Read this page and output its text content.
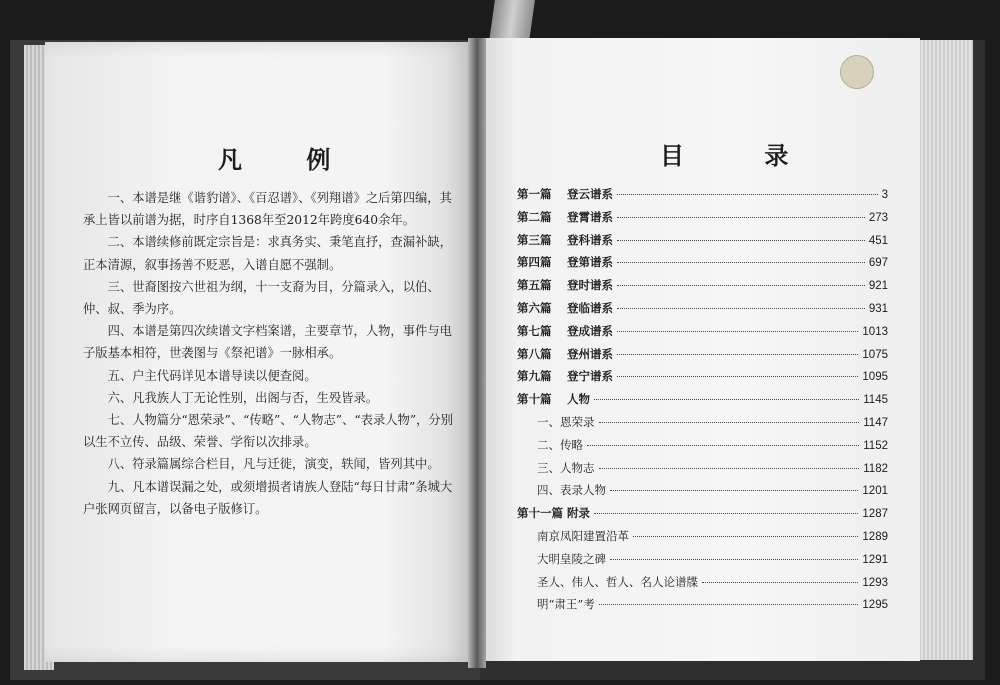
凡 例

一、本谱是继《谐豹谱》、《百忍谱》、《列翔谱》之后第四编，其承上皆以前谱为据，时序自1368年至2012年跨度640余年。

二、本谱续修前既定宗旨是：求真务实、秉笔直抒，查漏补缺，正本清源，叙事扬善不贬恶，入谱自愿不强制。

三、世裔图按六世祖为纲，十一支裔为目，分篇录入，以伯、仲、叔、季为序。

四、本谱是第四次续谱文字档案谱，主要章节，人物，事件与电子版基本相符，世袭图与《祭祀谱》一脉相承。

五、户主代码详见本谱导读以便查阅。

六、凡我族人丁无论性别，出阁与否，生殁皆录。

七、人物篇分“恩荣录”、“传略”、“人物志”、“表录人物”，分别以生不立传、品级、荣誉、学衔以次排录。

八、符录篇属综合栏目，凡与迁徙，演变，轶闻，皆列其中。

九、凡本谱误漏之处，或须增损者请族人登陆“每日甘肃”条城大户张网页留言，以备电子版修订。

目 录
第一篇	登云谱系	3
第二篇	登霄谱系	273
第三篇	登科谱系	451
第四篇	登第谱系	697
第五篇	登时谱系	921
第六篇	登临谱系	931
第七篇	登成谱系	1013
第八篇	登州谱系	1075
第九篇	登宁谱系	1095
第十篇	人物	1145
一、恩荣录	1147
二、传略	1152
三、人物志	1182
四、表录人物	1201
第十一篇 附录	1287
南京凤阳建置沿革	1289
大明皇陵之碑	1291
圣人、伟人、哲人、名人论谱牒	1293
明“肃王”考	1295
